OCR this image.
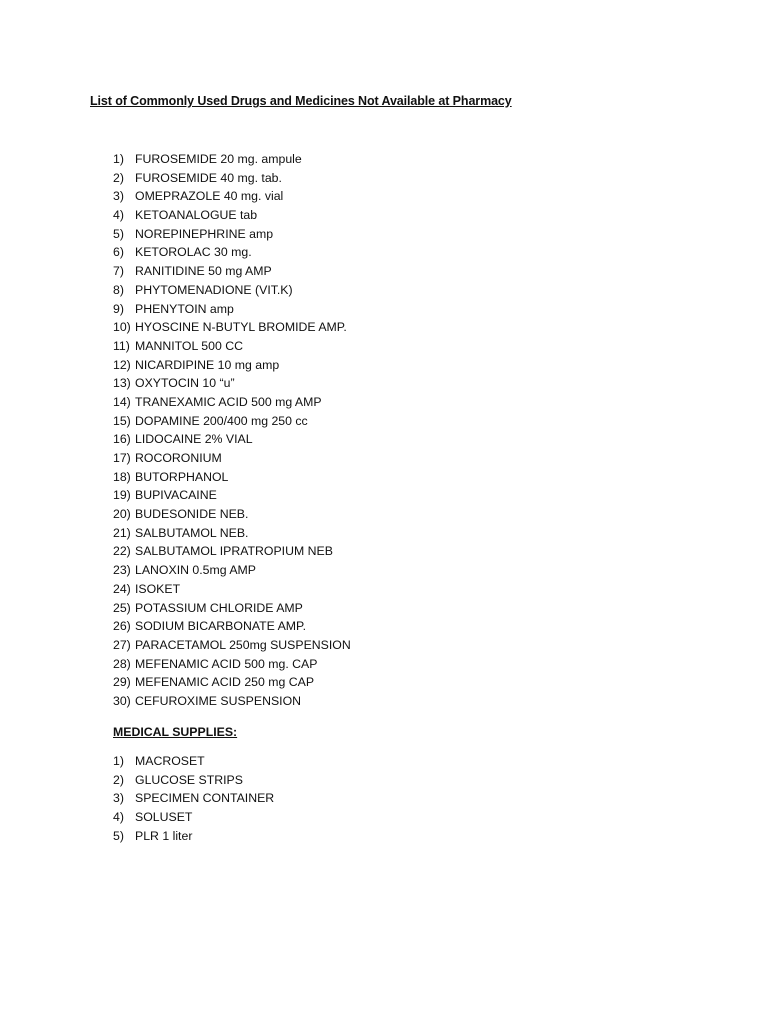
List of Commonly Used Drugs and Medicines Not Available at Pharmacy
1) FUROSEMIDE 20 mg. ampule
2) FUROSEMIDE 40 mg. tab.
3) OMEPRAZOLE 40 mg. vial
4) KETOANALOGUE tab
5) NOREPINEPHRINE amp
6) KETOROLAC 30 mg.
7) RANITIDINE 50 mg AMP
8) PHYTOMENADIONE (VIT.K)
9) PHENYTOIN amp
10) HYOSCINE N-BUTYL BROMIDE AMP.
11) MANNITOL 500 CC
12) NICARDIPINE 10 mg amp
13) OXYTOCIN 10 “u”
14) TRANEXAMIC ACID 500 mg AMP
15) DOPAMINE 200/400 mg 250 cc
16) LIDOCAINE 2% VIAL
17) ROCORONIUM
18) BUTORPHANOL
19) BUPIVACAINE
20) BUDESONIDE NEB.
21) SALBUTAMOL NEB.
22) SALBUTAMOL IPRATROPIUM NEB
23) LANOXIN 0.5mg AMP
24) ISOKET
25) POTASSIUM CHLORIDE AMP
26) SODIUM BICARBONATE AMP.
27) PARACETAMOL 250mg SUSPENSION
28) MEFENAMIC ACID 500 mg. CAP
29) MEFENAMIC ACID 250 mg CAP
30) CEFUROXIME SUSPENSION
MEDICAL SUPPLIES:
1) MACROSET
2) GLUCOSE STRIPS
3) SPECIMEN CONTAINER
4) SOLUSET
5) PLR 1 liter
